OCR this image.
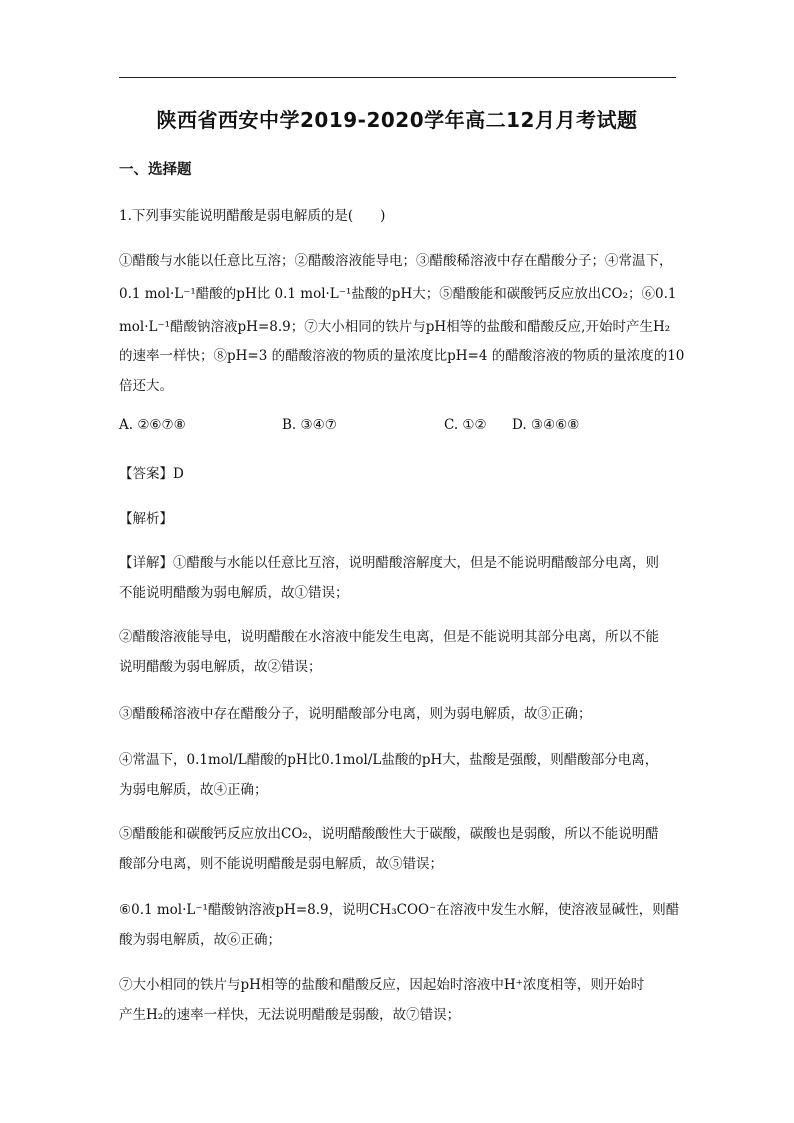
陕西省西安中学2019-2020学年高二12月月考试题
一、选择题
1.下列事实能说明醋酸是弱电解质的是(　　)
①醋酸与水能以任意比互溶；②醋酸溶液能导电；③醋酸稀溶液中存在醋酸分子；④常温下，
0.1 mol·L⁻¹醋酸的pH比 0.1 mol·L⁻¹盐酸的pH大；⑤醋酸能和碳酸钙反应放出CO₂；⑥0.1
mol·L⁻¹醋酸钠溶液pH=8.9；⑦大小相同的铁片与pH相等的盐酸和醋酸反应,开始时产生H₂
的速率一样快；⑧pH=3 的醋酸溶液的物质的量浓度比pH=4 的醋酸溶液的物质的量浓度的10
倍还大。
A. ②⑥⑦⑧	B. ③④⑦	C. ①② D. ③④⑥⑧
【答案】D
【解析】
【详解】①醋酸与水能以任意比互溶，说明醋酸溶解度大，但是不能说明醋酸部分电离，则
不能说明醋酸为弱电解质，故①错误；
②醋酸溶液能导电，说明醋酸在水溶液中能发生电离，但是不能说明其部分电离，所以不能
说明醋酸为弱电解质，故②错误；
③醋酸稀溶液中存在醋酸分子，说明醋酸部分电离，则为弱电解质，故③正确；
④常温下，0.1mol/L醋酸的pH比0.1mol/L盐酸的pH大，盐酸是强酸，则醋酸部分电离，
为弱电解质，故④正确；
⑤醋酸能和碳酸钙反应放出CO₂，说明醋酸酸性大于碳酸，碳酸也是弱酸，所以不能说明醋
酸部分电离，则不能说明醋酸是弱电解质，故⑤错误；
⑥0.1 mol·L⁻¹醋酸钠溶液pH=8.9，说明CH₃COO⁻在溶液中发生水解，使溶液显碱性，则醋
酸为弱电解质，故⑥正确；
⑦大小相同的铁片与pH相等的盐酸和醋酸反应，因起始时溶液中H⁺浓度相等，则开始时
产生H₂的速率一样快，无法说明醋酸是弱酸，故⑦错误；
